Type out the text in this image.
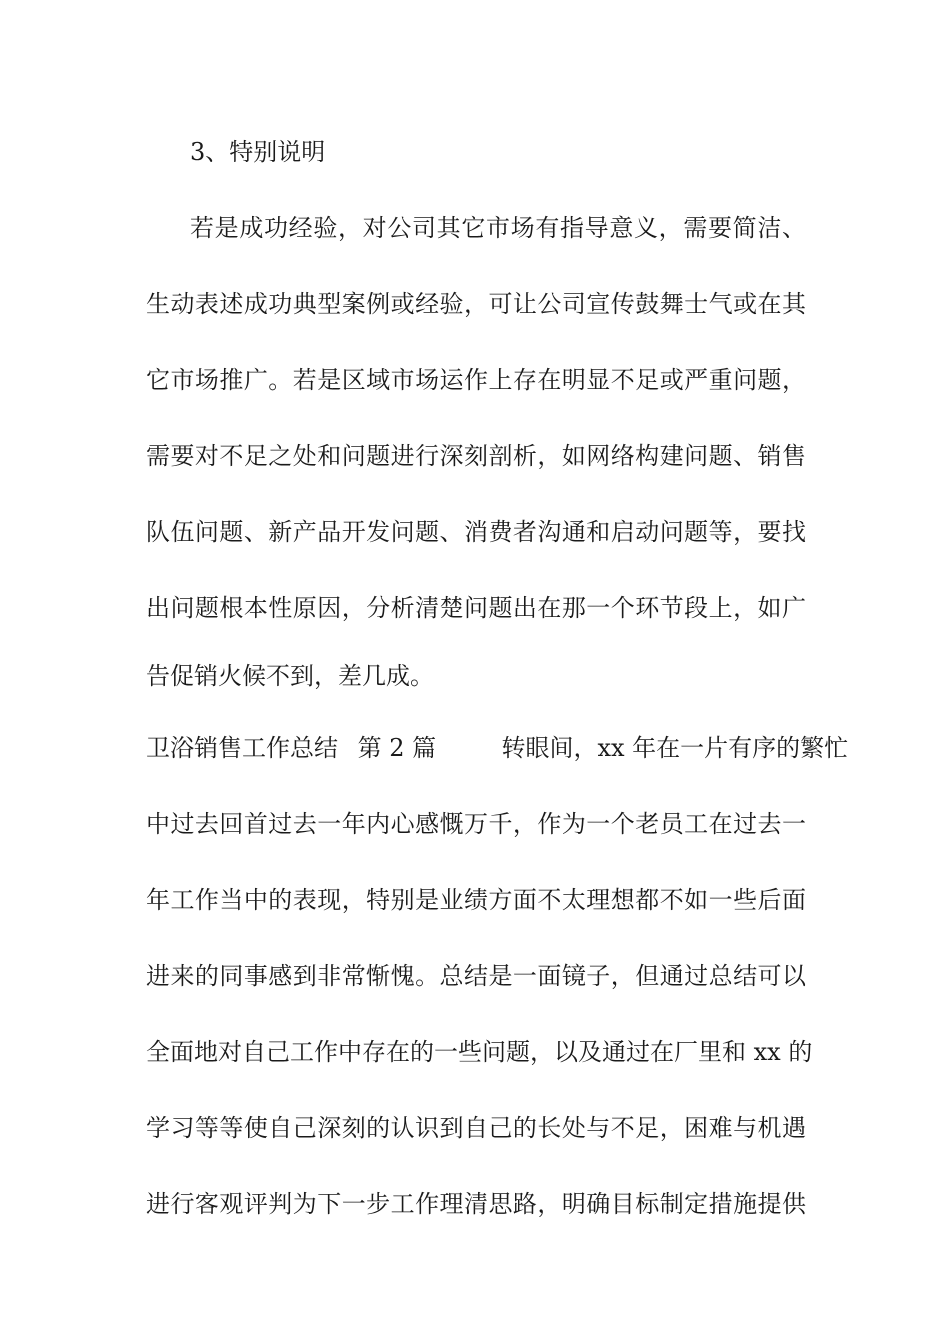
3、特别说明
若是成功经验，对公司其它市场有指导意义，需要简洁、
生动表述成功典型案例或经验，可让公司宣传鼓舞士气或在其
它市场推广。若是区域市场运作上存在明显不足或严重问题，
需要对不足之处和问题进行深刻剖析，如网络构建问题、销售
队伍问题、新产品开发问题、消费者沟通和启动问题等，要找
出问题根本性原因，分析清楚问题出在那一个环节段上，如广
告促销火候不到，差几成。
卫浴销售工作总结 第 2 篇	转眼间，xx 年在一片有序的繁忙
中过去回首过去一年内心感慨万千，作为一个老员工在过去一
年工作当中的表现，特别是业绩方面不太理想都不如一些后面
进来的同事感到非常惭愧。总结是一面镜子，但通过总结可以
全面地对自己工作中存在的一些问题，以及通过在厂里和 xx 的
学习等等使自己深刻的认识到自己的长处与不足，困难与机遇
进行客观评判为下一步工作理清思路，明确目标制定措施提供
